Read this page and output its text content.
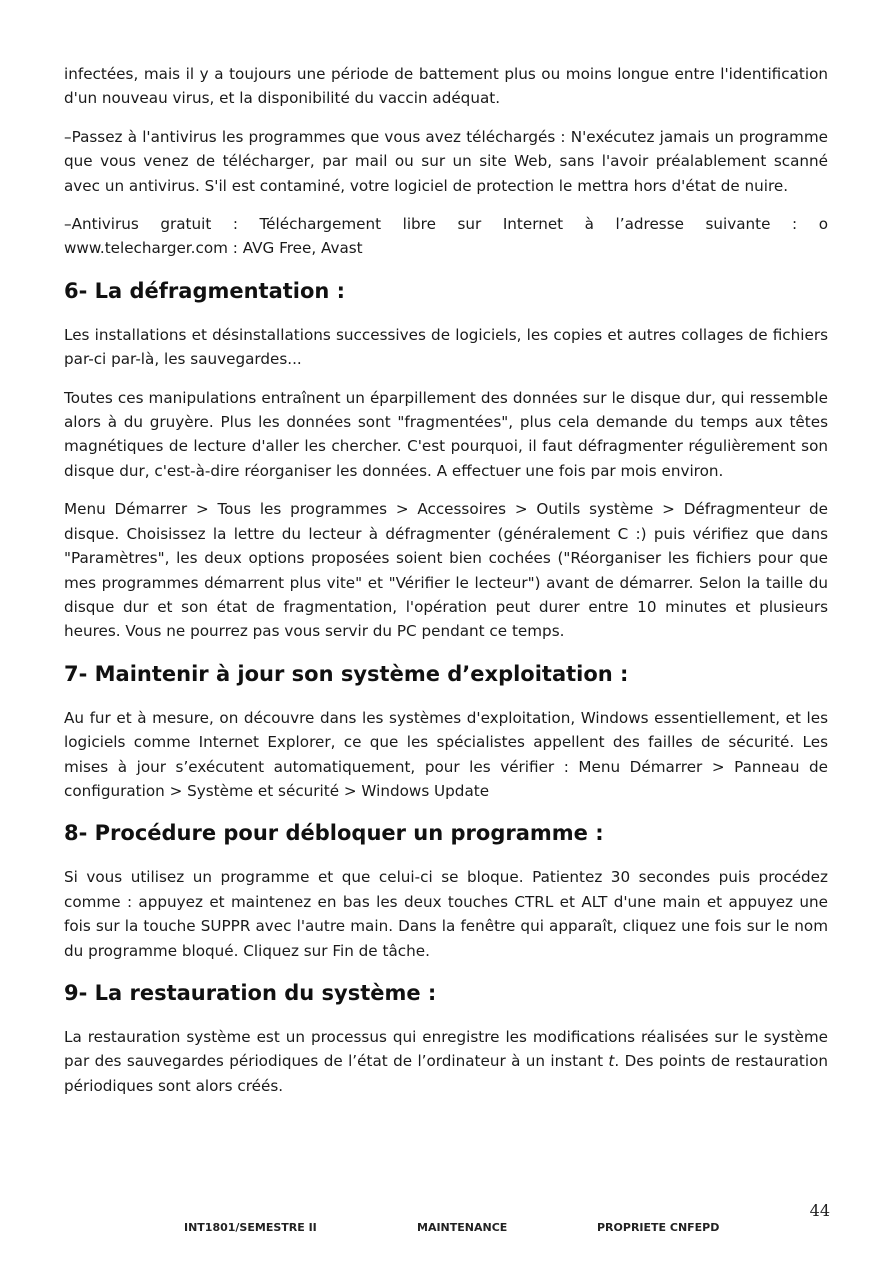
infectées, mais il y a toujours une période de battement plus ou moins longue entre l'identification d'un nouveau virus, et la disponibilité du vaccin adéquat.

–Passez à l'antivirus les programmes que vous avez téléchargés : N'exécutez jamais un programme que vous venez de télécharger, par mail ou sur un site Web, sans l'avoir préalablement scanné avec un antivirus. S'il est contaminé, votre logiciel de protection le mettra hors d'état de nuire.

–Antivirus gratuit : Téléchargement libre sur Internet à l’adresse suivante : o

www.telecharger.com : AVG Free, Avast

6- La défragmentation :

Les installations et désinstallations successives de logiciels, les copies et autres collages de fichiers par-ci par-là, les sauvegardes...

Toutes ces manipulations entraînent un éparpillement des données sur le disque dur, qui ressemble alors à du gruyère. Plus les données sont "fragmentées", plus cela demande du temps aux têtes magnétiques de lecture d'aller les chercher. C'est pourquoi, il faut défragmenter régulièrement son disque dur, c'est-à-dire réorganiser les données. A effectuer une fois par mois environ.

Menu Démarrer > Tous les programmes > Accessoires > Outils système > Défragmenteur de disque. Choisissez la lettre du lecteur à défragmenter (généralement C :) puis vérifiez que dans "Paramètres", les deux options proposées soient bien cochées ("Réorganiser les fichiers pour que mes programmes démarrent plus vite" et "Vérifier le lecteur") avant de démarrer. Selon la taille du disque dur et son état de fragmentation, l'opération peut durer entre 10 minutes et plusieurs heures. Vous ne pourrez pas vous servir du PC pendant ce temps.

7- Maintenir à jour son système d’exploitation :

Au fur et à mesure, on découvre dans les systèmes d'exploitation, Windows essentiellement, et les logiciels comme Internet Explorer, ce que les spécialistes appellent des failles de sécurité. Les mises à jour s’exécutent automatiquement, pour les vérifier : Menu Démarrer > Panneau de configuration > Système et sécurité > Windows Update

8- Procédure pour débloquer un programme :

Si vous utilisez un programme et que celui-ci se bloque. Patientez 30 secondes puis procédez comme : appuyez et maintenez en bas les deux touches CTRL et ALT d'une main et appuyez une fois sur la touche SUPPR avec l'autre main. Dans la fenêtre qui apparaît, cliquez une fois sur le nom du programme bloqué. Cliquez sur Fin de tâche.

9- La restauration du système :

La restauration système est un processus qui enregistre les modifications réalisées sur le système par des sauvegardes périodiques de l’état de l’ordinateur à un instant t. Des points de restauration périodiques sont alors créés.

44
INT1801/SEMESTRE II	MAINTENANCE	PROPRIETE CNFEPD
